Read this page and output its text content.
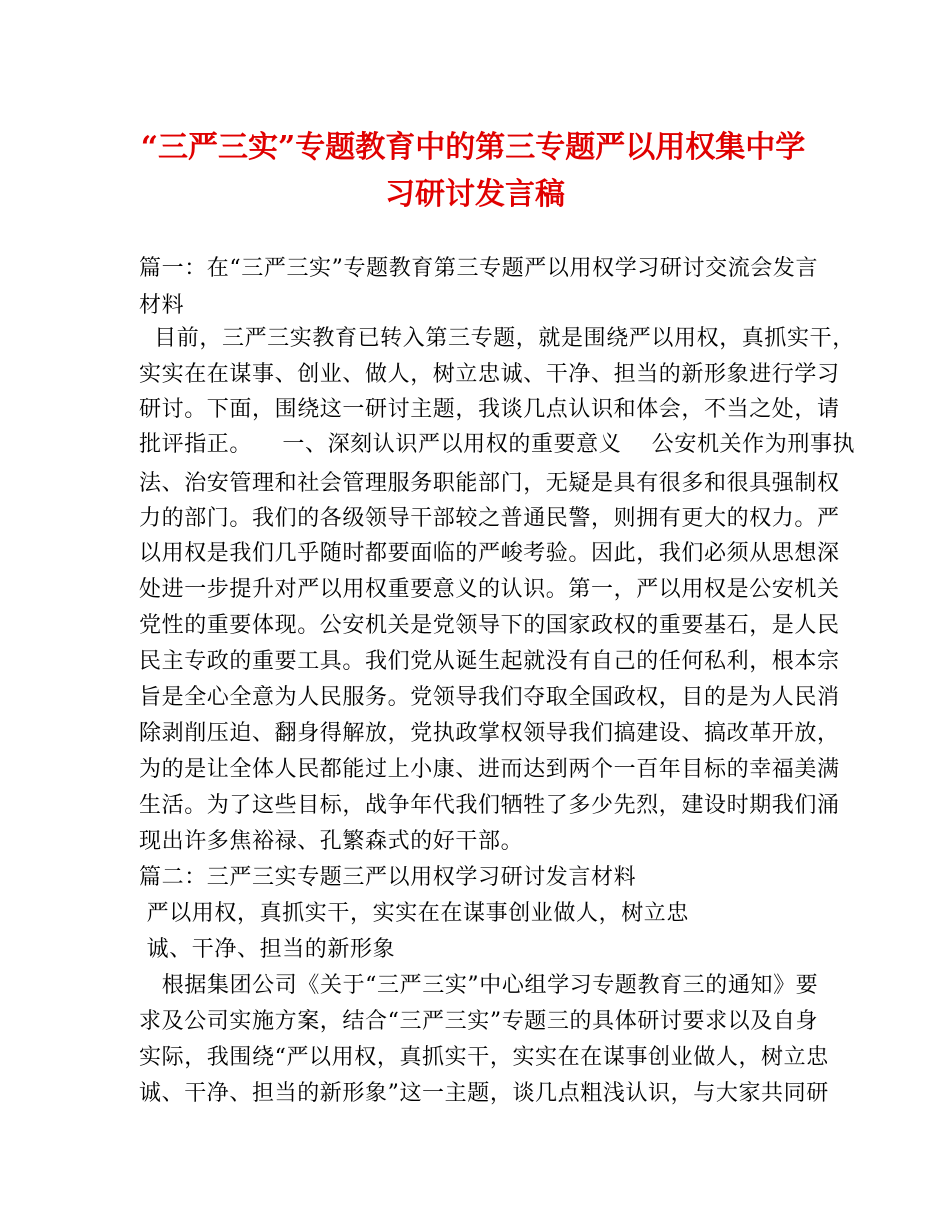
“三严三实”专题教育中的第三专题严以用权集中学
习研讨发言稿
篇一：在“三严三实”专题教育第三专题严以用权学习研讨交流会发言
材料
目前，三严三实教育已转入第三专题，就是围绕严以用权，真抓实干，
实实在在谋事、创业、做人，树立忠诚、干净、担当的新形象进行学习
研讨。下面，围绕这一研讨主题，我谈几点认识和体会，不当之处，请
批评指正。    一、深刻认识严以用权的重要意义    公安机关作为刑事执
法、治安管理和社会管理服务职能部门，无疑是具有很多和很具强制权
力的部门。我们的各级领导干部较之普通民警，则拥有更大的权力。严
以用权是我们几乎随时都要面临的严峻考验。因此，我们必须从思想深
处进一步提升对严以用权重要意义的认识。第一，严以用权是公安机关
党性的重要体现。公安机关是党领导下的国家政权的重要基石，是人民
民主专政的重要工具。我们党从诞生起就没有自己的任何私利，根本宗
旨是全心全意为人民服务。党领导我们夺取全国政权，目的是为人民消
除剥削压迫、翻身得解放，党执政掌权领导我们搞建设、搞改革开放，
为的是让全体人民都能过上小康、进而达到两个一百年目标的幸福美满
生活。为了这些目标，战争年代我们牺牲了多少先烈，建设时期我们涌
现出许多焦裕禄、孔繁森式的好干部。
篇二：三严三实专题三严以用权学习研讨发言材料
严以用权，真抓实干，实实在在谋事创业做人，树立忠
诚、干净、担当的新形象
根据集团公司《关于“三严三实”中心组学习专题教育三的通知》要
求及公司实施方案，结合“三严三实”专题三的具体研讨要求以及自身
实际，我围绕“严以用权，真抓实干，实实在在谋事创业做人，树立忠
诚、干净、担当的新形象”这一主题，谈几点粗浅认识，与大家共同研
